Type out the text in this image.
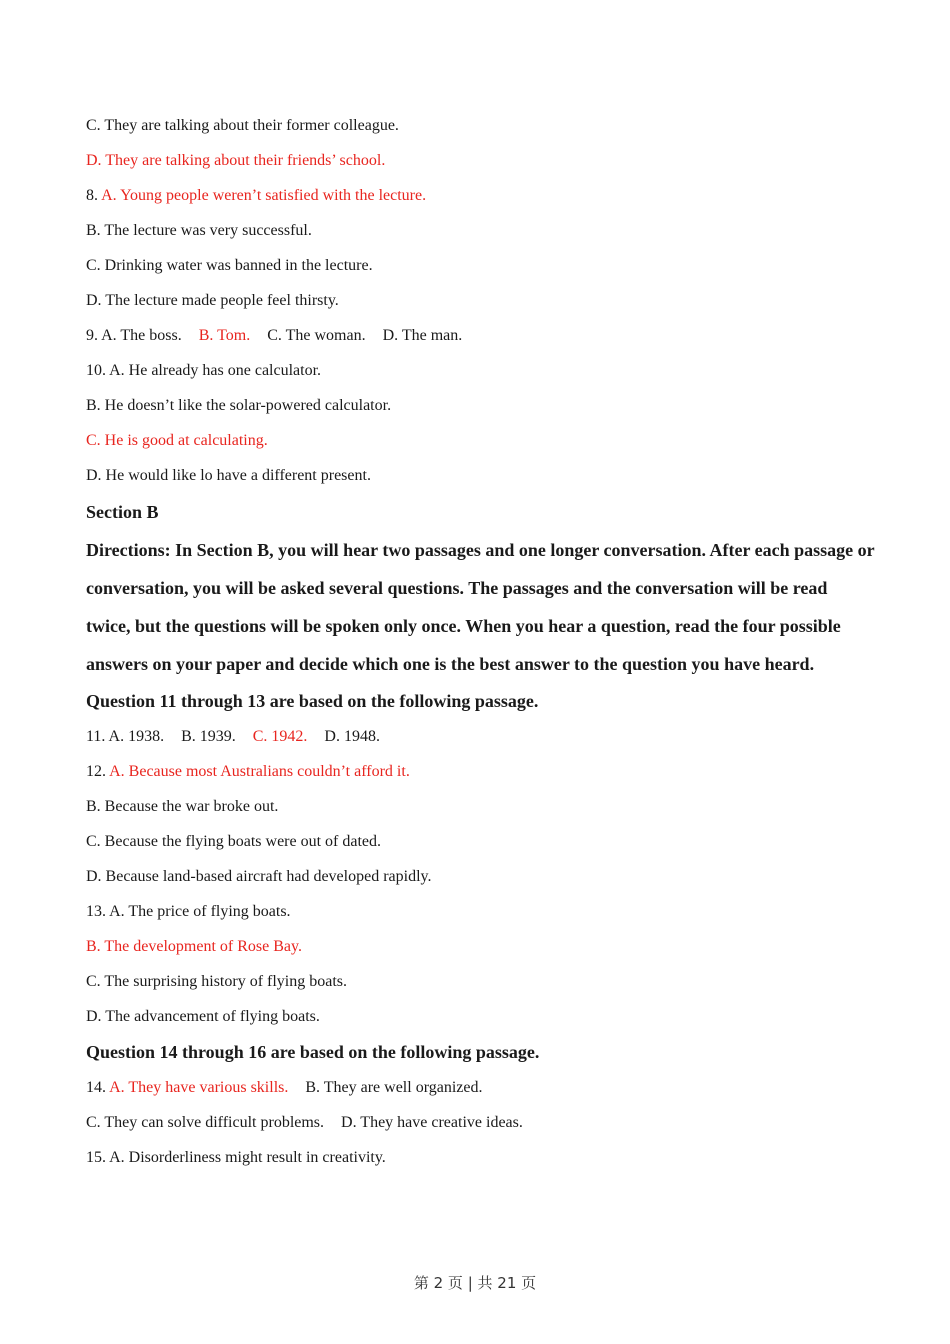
C. They are talking about their former colleague.
D. They are talking about their friends’ school.
8. A. Young people weren’t satisfied with the lecture.
B. The lecture was very successful.
C. Drinking water was banned in the lecture.
D. The lecture made people feel thirsty.
9. A. The boss. B. Tom. C. The woman. D. The man.
10. A. He already has one calculator.
B. He doesn’t like the solar-powered calculator.
C. He is good at calculating.
D. He would like lo have a different present.
Section B
Directions: In Section B, you will hear two passages and one longer conversation. After each passage or conversation, you will be asked several questions. The passages and the conversation will be read twice, but the questions will be spoken only once. When you hear a question, read the four possible answers on your paper and decide which one is the best answer to the question you have heard.
Question 11 through 13 are based on the following passage.
11. A. 1938. B. 1939. C. 1942. D. 1948.
12. A. Because most Australians couldn’t afford it.
B. Because the war broke out.
C. Because the flying boats were out of dated.
D. Because land-based aircraft had developed rapidly.
13. A. The price of flying boats.
B. The development of Rose Bay.
C. The surprising history of flying boats.
D. The advancement of flying boats.
Question 14 through 16 are based on the following passage.
14. A. They have various skills. B. They are well organized.
C. They can solve difficult problems. D. They have creative ideas.
15. A. Disorderliness might result in creativity.
第 2 页 | 共 21 页
